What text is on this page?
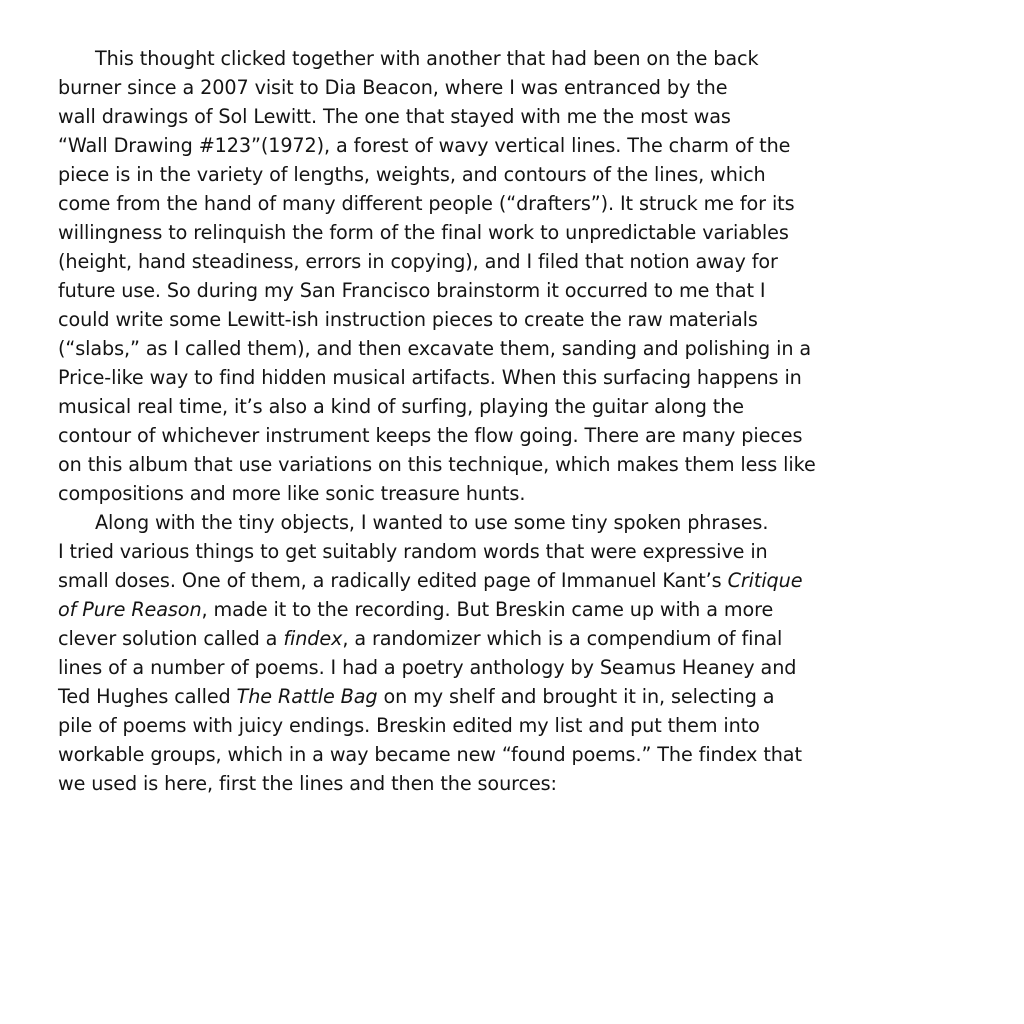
This thought clicked together with another that had been on the back
burner since a 2007 visit to Dia Beacon, where I was entranced by the
wall drawings of Sol Lewitt. The one that stayed with me the most was
“Wall Drawing #123”(1972), a forest of wavy vertical lines. The charm of the
piece is in the variety of lengths, weights, and contours of the lines, which
come from the hand of many different people (“drafters”). It struck me for its
willingness to relinquish the form of the final work to unpredictable variables
(height, hand steadiness, errors in copying), and I filed that notion away for
future use. So during my San Francisco brainstorm it occurred to me that I
could write some Lewitt-ish instruction pieces to create the raw materials
(“slabs,” as I called them), and then excavate them, sanding and polishing in a
Price-like way to find hidden musical artifacts. When this surfacing happens in
musical real time, it’s also a kind of surfing, playing the guitar along the
contour of whichever instrument keeps the flow going. There are many pieces
on this album that use variations on this technique, which makes them less like
compositions and more like sonic treasure hunts.
Along with the tiny objects, I wanted to use some tiny spoken phrases.
I tried various things to get suitably random words that were expressive in
small doses. One of them, a radically edited page of Immanuel Kant’s Critique
of Pure Reason, made it to the recording. But Breskin came up with a more
clever solution called a findex, a randomizer which is a compendium of final
lines of a number of poems. I had a poetry anthology by Seamus Heaney and
Ted Hughes called The Rattle Bag on my shelf and brought it in, selecting a
pile of poems with juicy endings. Breskin edited my list and put them into
workable groups, which in a way became new “found poems.” The findex that
we used is here, first the lines and then the sources:
